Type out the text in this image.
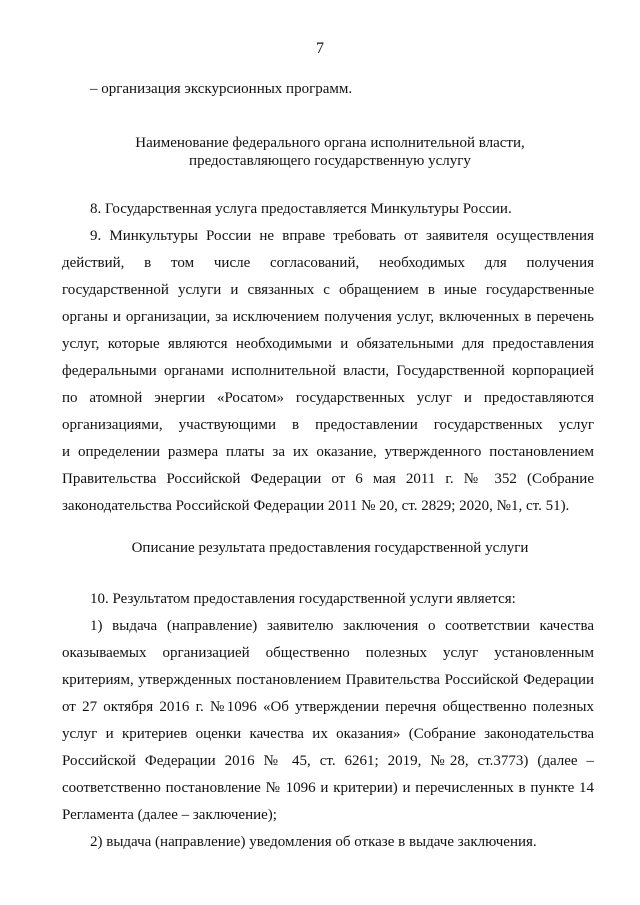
7
– организация экскурсионных программ.
Наименование федерального органа исполнительной власти,
предоставляющего государственную услугу
8. Государственная услуга предоставляется Минкультуры России.
9. Минкультуры России не вправе требовать от заявителя осуществления
действий, в том числе согласований, необходимых для получения
государственной услуги и связанных с обращением в иные государственные
органы и организации, за исключением получения услуг, включенных в перечень
услуг, которые являются необходимыми и обязательными для предоставления
федеральными органами исполнительной власти, Государственной корпорацией
по атомной энергии «Росатом» государственных услуг и предоставляются
организациями, участвующими в предоставлении государственных услуг
и определении размера платы за их оказание, утвержденного постановлением
Правительства Российской Федерации от 6 мая 2011 г. № 352 (Собрание
законодательства Российской Федерации 2011 № 20, ст. 2829; 2020, №1, ст. 51).
Описание результата предоставления государственной услуги
10. Результатом предоставления государственной услуги является:
1) выдача (направление) заявителю заключения о соответствии качества
оказываемых организацией общественно полезных услуг установленным
критериям, утвержденных постановлением Правительства Российской Федерации
от 27 октября 2016 г. №1096 «Об утверждении перечня общественно полезных
услуг и критериев оценки качества их оказания» (Собрание законодательства
Российской Федерации 2016 № 45, ст. 6261; 2019, №28, ст.3773) (далее –
соответственно постановление № 1096 и критерии) и перечисленных в пункте 14
Регламента (далее – заключение);
2) выдача (направление) уведомления об отказе в выдаче заключения.
